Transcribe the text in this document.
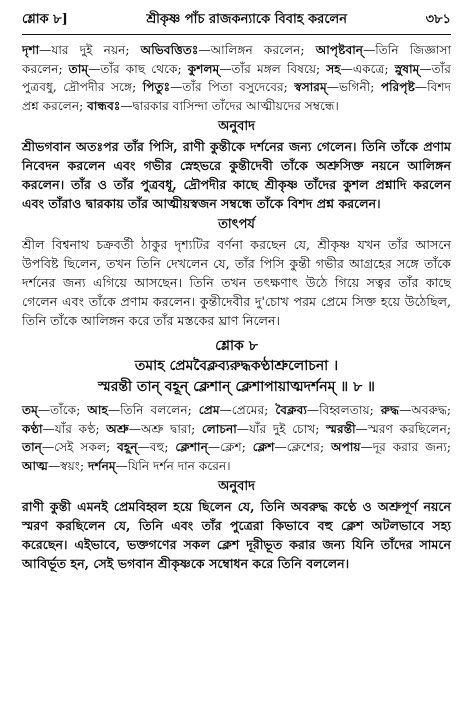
শ্লোক ৮]	শ্রীকৃষ্ণ পাঁচ রাজকন্যাকে বিবাহ করলেন	৩৮১

দৃশা—যার দুই নয়ন; অভিবত্তিতঃ—আলিঙ্গন করলেন; আপৃষ্টবান্—তিনি জিজ্ঞাসা করলেন; তাম্—তাঁর কাছ থেকে; কুশলম্—তাঁর মঙ্গল বিষয়ে; সহ—একত্রে; স্নুষাম্—তাঁর পুত্রবধু, দ্রৌপদীর সঙ্গে; পিতুঃ—তাঁর পিতা বসুদেবের; স্বসারম্—ভগিনী; পরিপৃষ্ট—বিশদ প্রশ্ন করলেন; বান্ধবঃ—দ্বারকার বাসিন্দা তাঁদের আত্মীয়দের সম্বন্ধে।

অনুবাদ

শ্রীভগবান অতঃপর তাঁর পিসি, রাণী কুন্তীকে দর্শনের জন্য গেলেন। তিনি তাঁকে প্রণাম নিবেদন করলেন এবং গভীর স্নেহভরে কুন্তীদেবী তাঁকে অশ্রুসিক্ত নয়নে আলিঙ্গন করলেন। তাঁর ও তাঁর পুত্রবধূ, দ্রৌপদীর কাছে শ্রীকৃষ্ণ তাঁদের কুশল প্রশ্নাদি করলেন এবং তাঁরাও দ্বারকায় তাঁর আত্মীয়স্বজন সম্বন্ধে তাঁকে বিশদ প্রশ্ন করলেন।

তাৎপর্য

শ্রীল বিশ্বনাথ চক্রবর্তী ঠাকুর দৃশ্যটির বর্ণনা করছেন যে, শ্রীকৃষ্ণ যখন তাঁর আসনে উপবিষ্ট ছিলেন, তখন তিনি দেখলেন যে, তাঁর পিসি কুন্তী গভীর আগ্রহের সঙ্গে তাঁকে দর্শনের জন্য এগিয়ে আসছেন। তিনি তখন তৎক্ষণাৎ উঠে গিয়ে সত্বর তাঁর কাছে গেলেন এবং তাঁকে প্রণাম করলেন। কুন্তীদেবীর দু'চোখ পরম প্রেমে সিক্ত হয়ে উঠেছিল, তিনি তাঁকে আলিঙ্গন করে তাঁর মস্তকের ঘ্রাণ নিলেন।

শ্লোক ৮
তমাহ প্রেমবৈক্লব্যরুদ্ধকণ্ঠাশ্রুলোচনা ।
স্মরন্তী তান্ বহূন্ ক্লেশান্ ক্লেশাপায়াত্মদর্শনম্ ॥ ৮ ॥

তম্—তাঁকে; আহ—তিনি বললেন; প্রেম—প্রেমের; বৈক্লব্য—বিহ্বলতায়; রুদ্ধ—অবরুদ্ধ; কণ্ঠা—যাঁর কণ্ঠ; অশ্রু—অশ্রু দ্বারা; লোচনা—যাঁর দুই চোখ; স্মরন্তী—স্মরণ করছিলেন; তান্—সেই সকল; বহূন্—বহু; ক্লেশান্—ক্লেশ; ক্লেশ—ক্লেশের; অপায়—দূর করার জন্য; আত্ম—স্বয়ং; দর্শনম্—যিনি দর্শন দান করেন।

অনুবাদ

রাণী কুন্তী এমনই প্রেমবিহ্বল হয়ে ছিলেন যে, তিনি অবরুদ্ধ কণ্ঠে ও অশ্রুপূর্ণ নয়নে স্মরণ করছিলেন যে, তিনি এবং তাঁর পুত্রেরা কিভাবে বহু ক্লেশ অটলভাবে সহ্য করেছেন। এইভাবে, ভক্তগণের সকল ক্লেশ দূরীভূত করার জন্য যিনি তাঁদের সামনে আবির্ভূত হন, সেই ভগবান শ্রীকৃষ্ণকে সম্বোধন করে তিনি বললেন।
